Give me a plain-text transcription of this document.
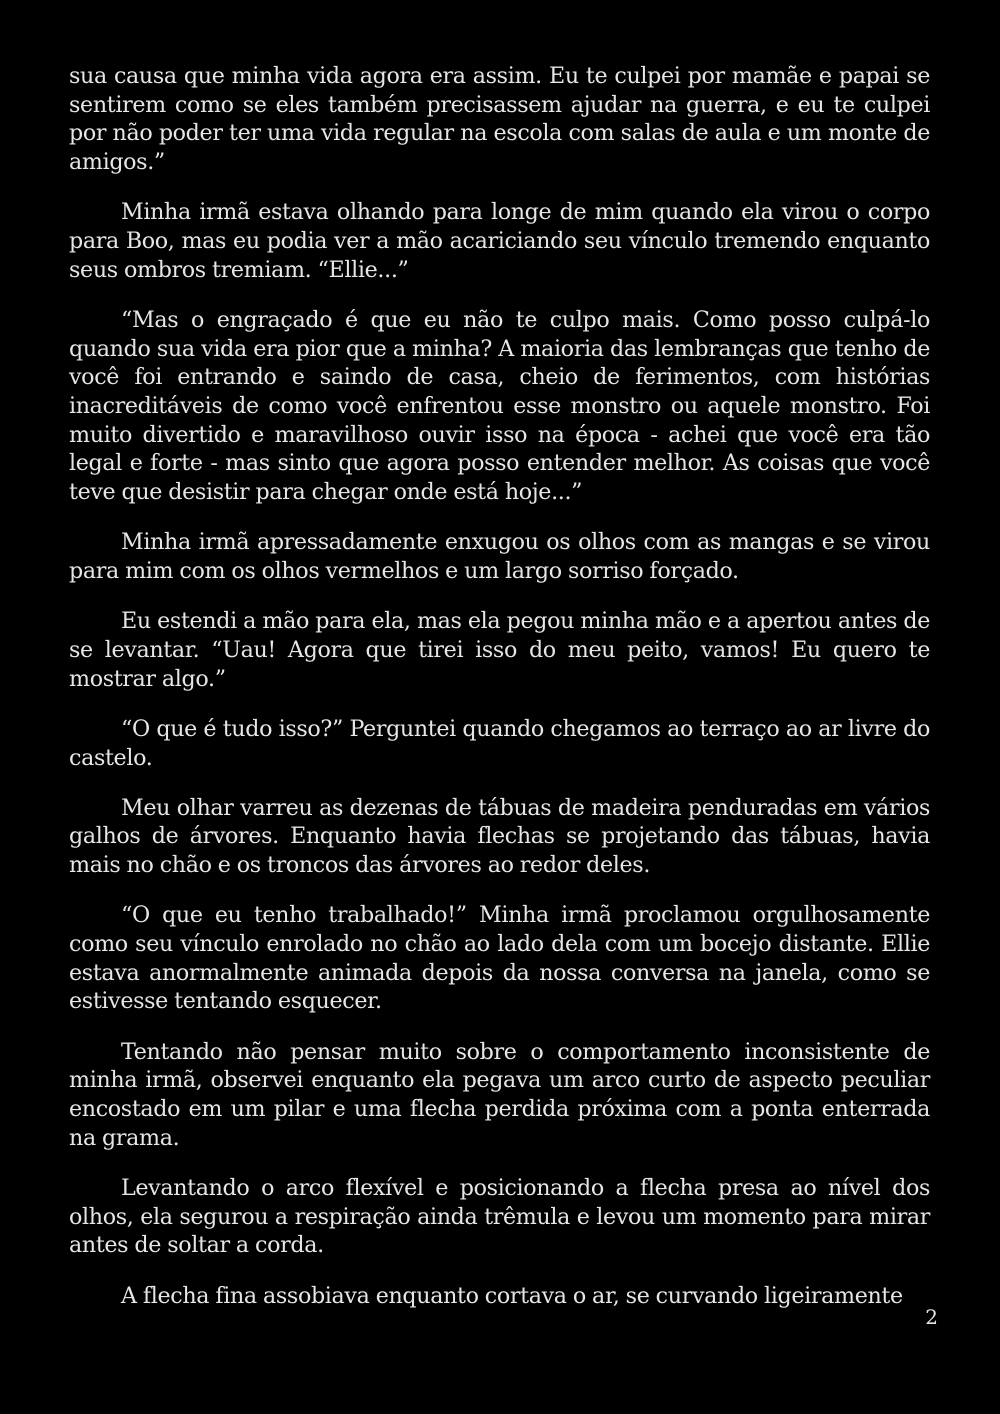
sua causa que minha vida agora era assim. Eu te culpei por mamãe e papai se sentirem como se eles também precisassem ajudar na guerra, e eu te culpei por não poder ter uma vida regular na escola com salas de aula e um monte de amigos.”

Minha irmã estava olhando para longe de mim quando ela virou o corpo para Boo, mas eu podia ver a mão acariciando seu vínculo tremendo enquanto seus ombros tremiam. “Ellie...”

“Mas o engraçado é que eu não te culpo mais. Como posso culpá-lo quando sua vida era pior que a minha? A maioria das lembranças que tenho de você foi entrando e saindo de casa, cheio de ferimentos, com histórias inacreditáveis de como você enfrentou esse monstro ou aquele monstro. Foi muito divertido e maravilhoso ouvir isso na época - achei que você era tão legal e forte - mas sinto que agora posso entender melhor. As coisas que você teve que desistir para chegar onde está hoje...”

Minha irmã apressadamente enxugou os olhos com as mangas e se virou para mim com os olhos vermelhos e um largo sorriso forçado.

Eu estendi a mão para ela, mas ela pegou minha mão e a apertou antes de se levantar. “Uau! Agora que tirei isso do meu peito, vamos! Eu quero te mostrar algo.”

“O que é tudo isso?” Perguntei quando chegamos ao terraço ao ar livre do castelo.

Meu olhar varreu as dezenas de tábuas de madeira penduradas em vários galhos de árvores. Enquanto havia flechas se projetando das tábuas, havia mais no chão e os troncos das árvores ao redor deles.

“O que eu tenho trabalhado!” Minha irmã proclamou orgulhosamente como seu vínculo enrolado no chão ao lado dela com um bocejo distante. Ellie estava anormalmente animada depois da nossa conversa na janela, como se estivesse tentando esquecer.

Tentando não pensar muito sobre o comportamento inconsistente de minha irmã, observei enquanto ela pegava um arco curto de aspecto peculiar encostado em um pilar e uma flecha perdida próxima com a ponta enterrada na grama.

Levantando o arco flexível e posicionando a flecha presa ao nível dos olhos, ela segurou a respiração ainda trêmula e levou um momento para mirar antes de soltar a corda.

A flecha fina assobiava enquanto cortava o ar, se curvando ligeiramente

2
